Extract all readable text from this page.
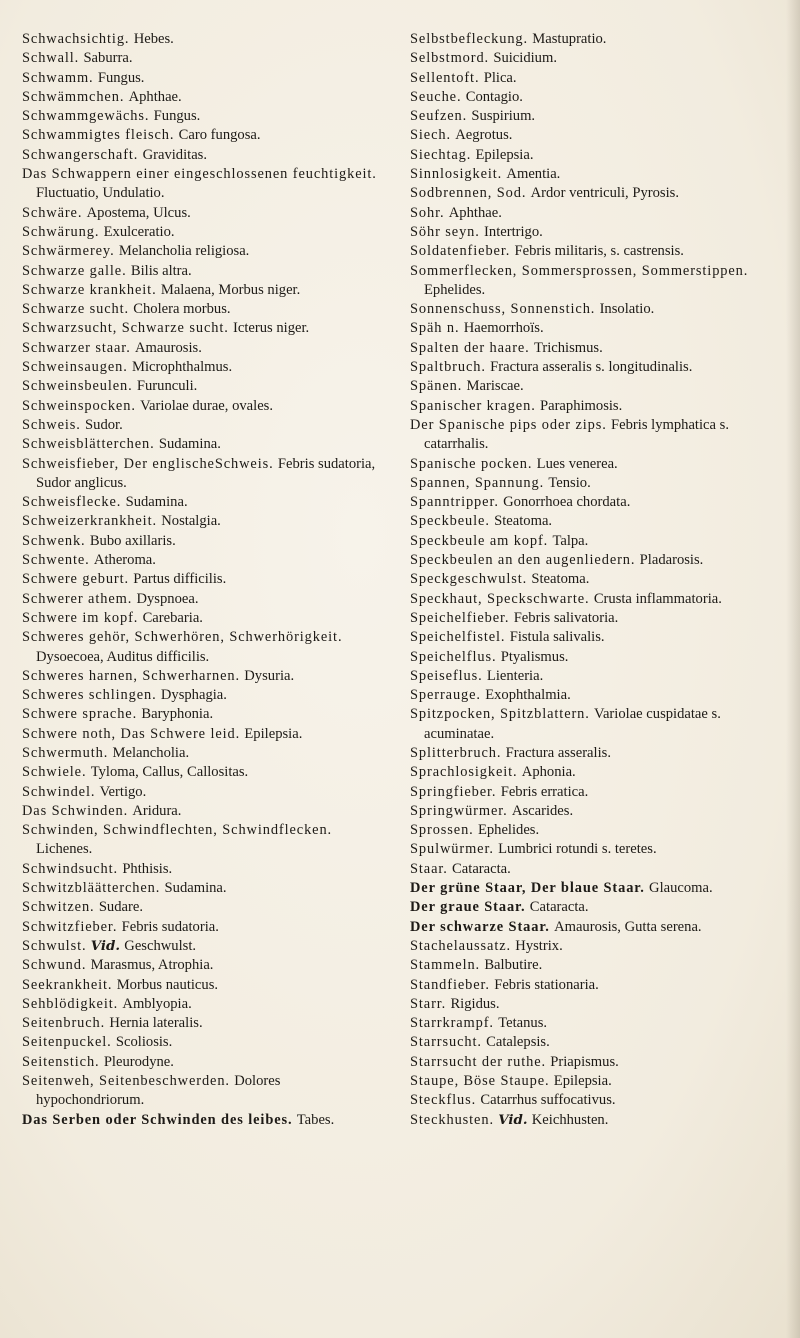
Schwachsichtig. Hebes.

Schwall. Saburra.

Schwamm. Fungus.

Schwämmchen. Aphthae.

Schwammgewächs. Fungus.

Schwammigtes fleisch. Caro fungosa.

Schwangerschaft. Graviditas.

Das Schwappern einer eingeschlossenen feuchtigkeit. Fluctuatio, Undulatio.

Schwäre. Apostema, Ulcus.

Schwärung. Exulceratio.

Schwärmerey. Melancholia religiosa.

Schwarze galle. Bilis altra.

Schwarze krankheit. Malaena, Morbus niger.

Schwarze sucht. Cholera morbus.

Schwarzsucht, Schwarze sucht. Icterus niger.

Schwarzer staar. Amaurosis.

Schweinsaugen. Microphthalmus.

Schweinsbeulen. Furunculi.

Schweinspocken. Variolae durae, ovales.

Schweis. Sudor.

Schweisblätterchen. Sudamina.

Schweisfieber, Der englischeSchweis. Febris sudatoria, Sudor anglicus.

Schweisflecke. Sudamina.

Schweizerkrankheit. Nostalgia.

Schwenk. Bubo axillaris.

Schwente. Atheroma.

Schwere geburt. Partus difficilis.

Schwerer athem. Dyspnoea.

Schwere im kopf. Carebaria.

Schweres gehör, Schwerhören, Schwerhörigkeit. Dysoecoea, Auditus difficilis.

Schweres harnen, Schwerharnen. Dysuria.

Schweres schlingen. Dysphagia.

Schwere sprache. Baryphonia.

Schwere noth, Das Schwere leid. Epilepsia.

Schwermuth. Melancholia.

Schwiele. Tyloma, Callus, Callositas.

Schwindel. Vertigo.

Das Schwinden. Aridura.

Schwinden, Schwindflechten, Schwindflecken. Lichenes.

Schwindsucht. Phthisis.

Schwitzbläätterchen. Sudamina.

Schwitzen. Sudare.

Schwitzfieber. Febris sudatoria.

Schwulst. Vid. Geschwulst.

Schwund. Marasmus, Atrophia.

Seekrankheit. Morbus nauticus.

Sehblödigkeit. Amblyopia.

Seitenbruch. Hernia lateralis.

Seitenpuckel. Scoliosis.

Seitenstich. Pleurodyne.

Seitenweh, Seitenbeschwerden. Dolores hypochondriorum.

Das Serben oder Schwinden des leibes. Tabes.

Selbstbefleckung. Mastupratio.

Selbstmord. Suicidium.

Sellentoft. Plica.

Seuche. Contagio.

Seufzen. Suspirium.

Siech. Aegrotus.

Siechtag. Epilepsia.

Sinnlosigkeit. Amentia.

Sodbrennen, Sod. Ardor ventriculi, Pyrosis.

Sohr. Aphthae.

Söhr seyn. Intertrigo.

Soldatenfieber. Febris militaris, s. castrensis.

Sommerflecken, Sommersprossen, Sommerstippen. Ephelides.

Sonnenschuss, Sonnenstich. Insolatio.

Späh n. Haemorrhoïs.

Spalten der haare. Trichismus.

Spaltbruch. Fractura asseralis s. longitudinalis.

Spänen. Mariscae.

Spanischer kragen. Paraphimosis.

Der Spanische pips oder zips. Febris lymphatica s. catarrhalis.

Spanische pocken. Lues venerea.

Spannen, Spannung. Tensio.

Spanntripper. Gonorrhoea chordata.

Speckbeule. Steatoma.

Speckbeule am kopf. Talpa.

Speckbeulen an den augenliedern. Pladarosis.

Speckgeschwulst. Steatoma.

Speckhaut, Speckschwarte. Crusta inflammatoria.

Speichelfieber. Febris salivatoria.

Speichelfistel. Fistula salivalis.

Speichelflus. Ptyalismus.

Speiseflus. Lienteria.

Sperrauge. Exophthalmia.

Spitzpocken, Spitzblattern. Variolae cuspidatae s. acuminatae.

Splitterbruch. Fractura asseralis.

Sprachlosigkeit. Aphonia.

Springfieber. Febris erratica.

Springwürmer. Ascarides.

Sprossen. Ephelides.

Spulwürmer. Lumbrici rotundi s. teretes.

Staar. Cataracta.

Der grüne Staar, Der blaue Staar. Glaucoma.

Der graue Staar. Cataracta.

Der schwarze Staar. Amaurosis, Gutta serena.

Stachelaussatz. Hystrix.

Stammeln. Balbutire.

Standfieber. Febris stationaria.

Starr. Rigidus.

Starrkrampf. Tetanus.

Starrsucht. Catalepsis.

Starrsucht der ruthe. Priapismus.

Staupe, Böse Staupe. Epilepsia.

Steckflus. Catarrhus suffocativus.

Steckhusten. Vid. Keichhusten.
